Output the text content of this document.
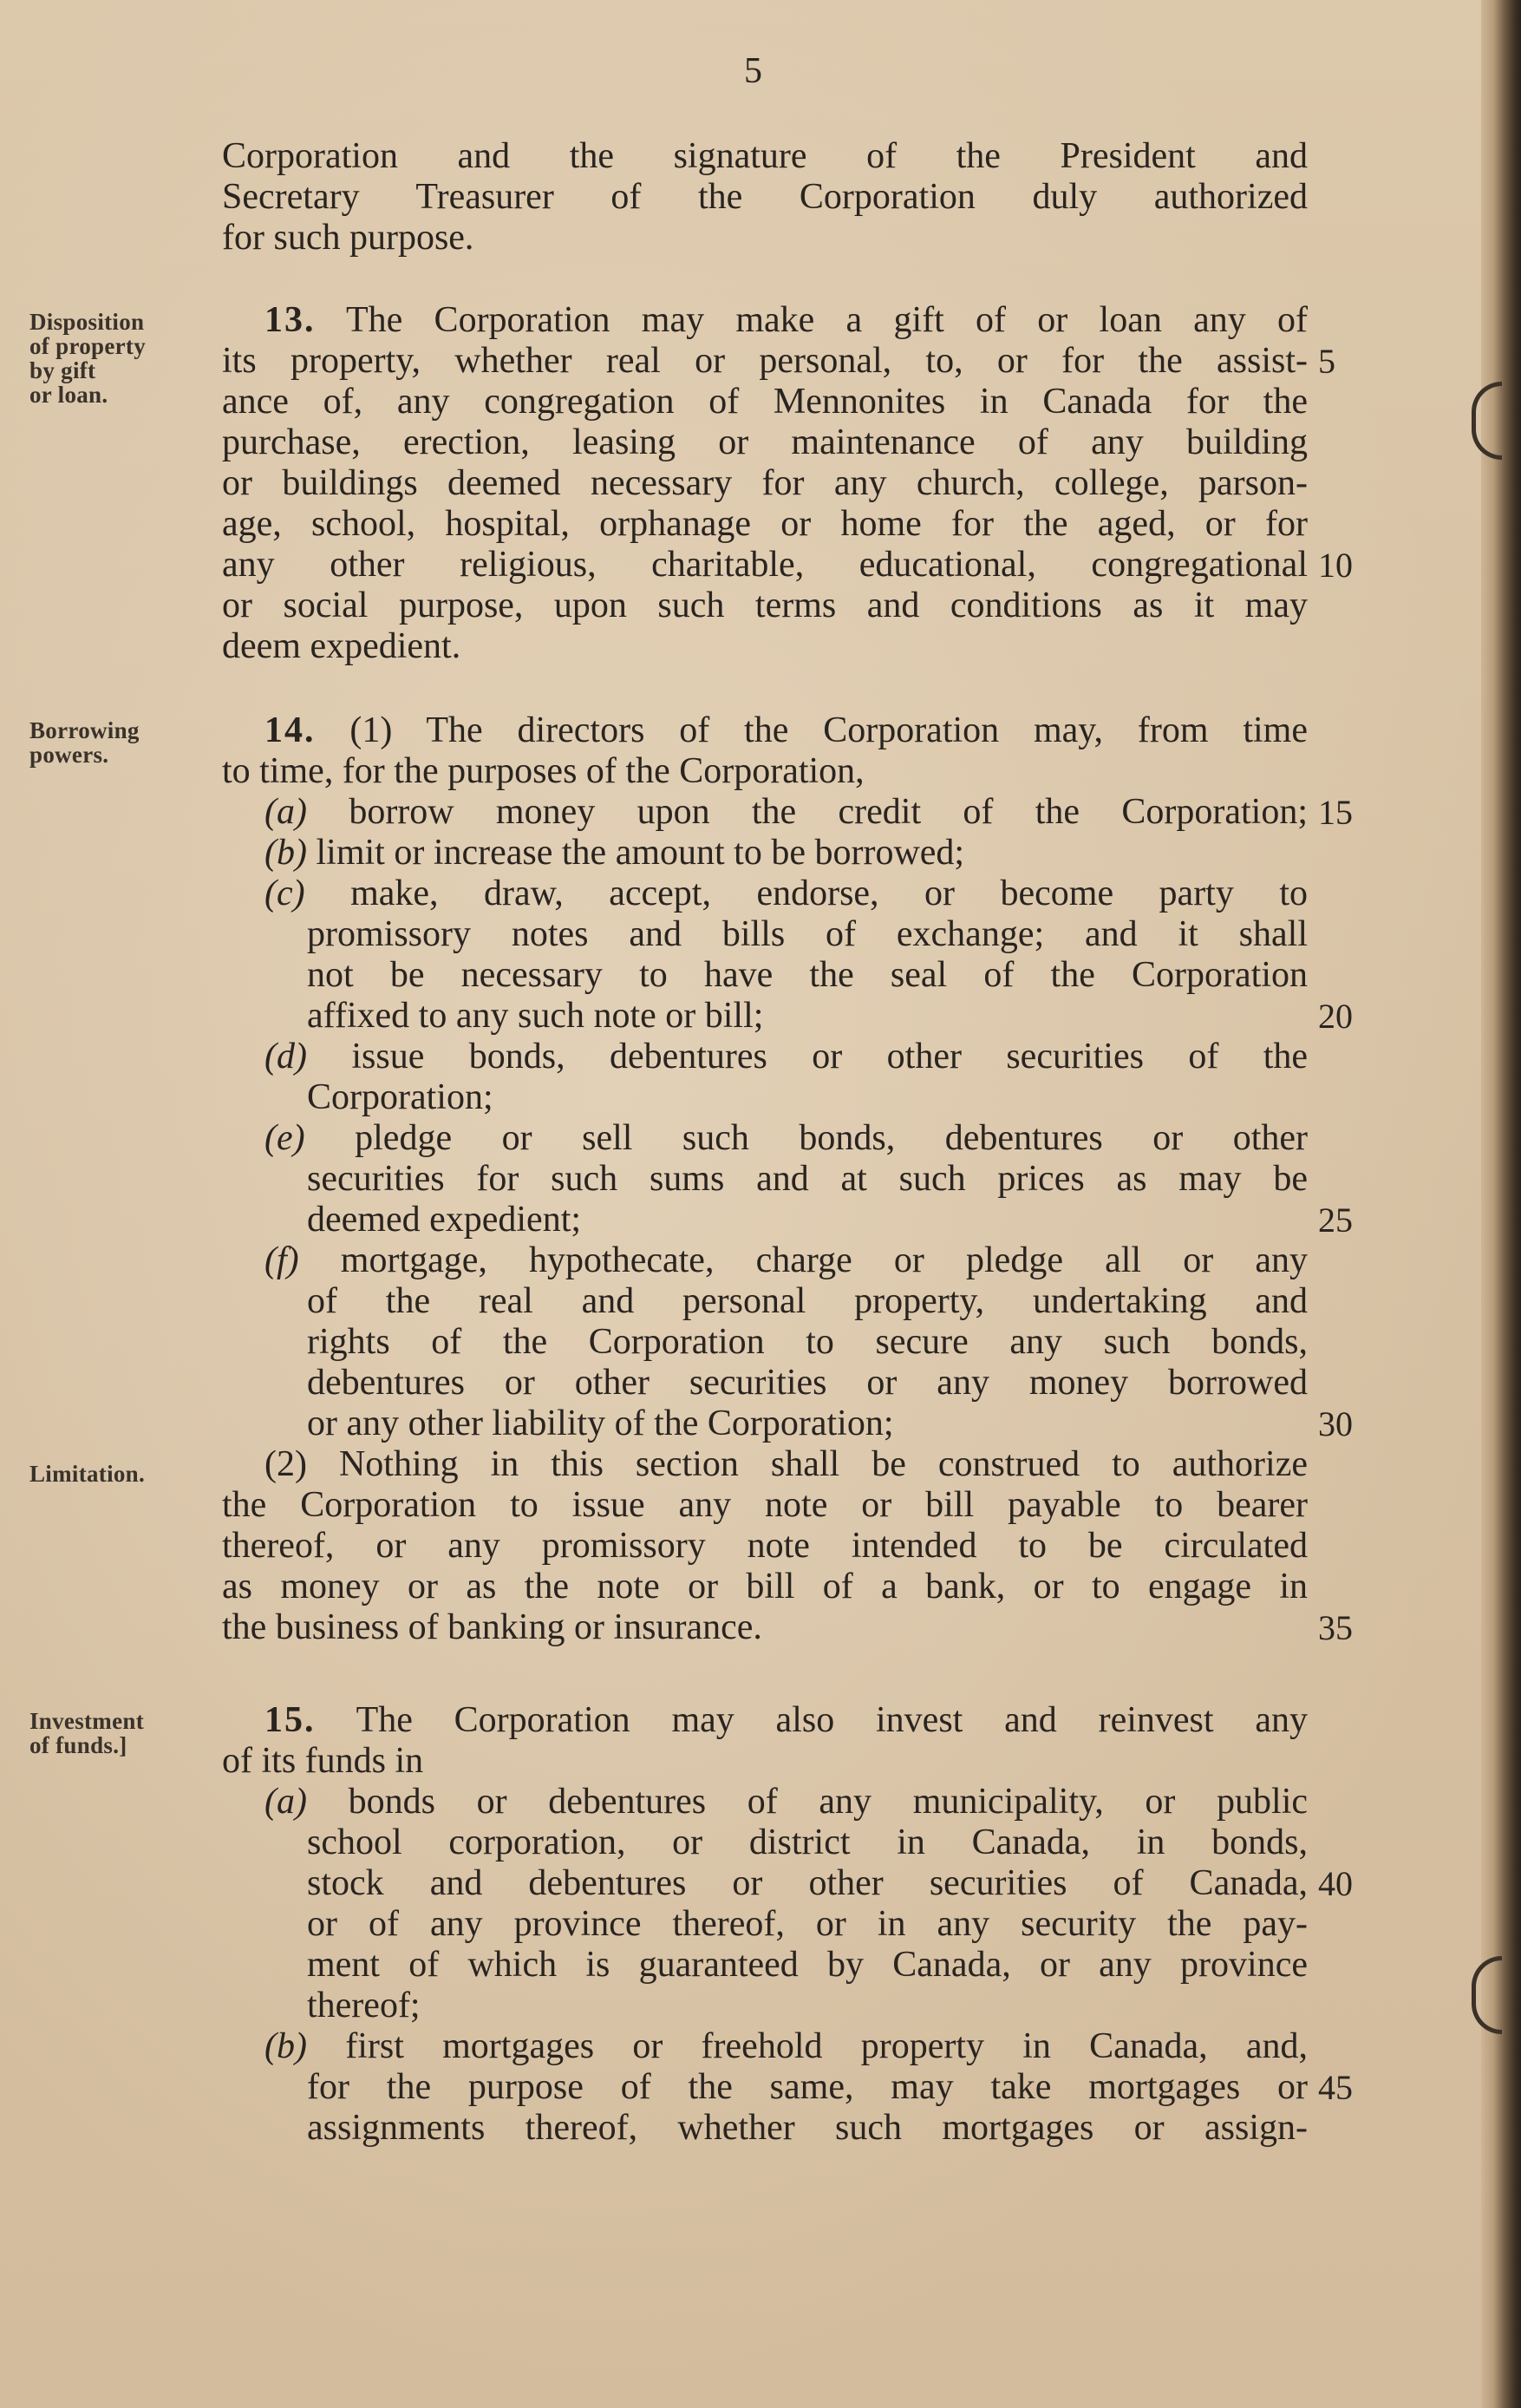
5
Corporation and the signature of the President and
Secretary Treasurer of the Corporation duly authorized
for such purpose.
Disposition
of property
by gift
or loan.
13. The Corporation may make a gift of or loan any of
its property, whether real or personal, to, or for the assist- 5
ance of, any congregation of Mennonites in Canada for the
purchase, erection, leasing or maintenance of any building
or buildings deemed necessary for any church, college, parson-
age, school, hospital, orphanage or home for the aged, or for
any other religious, charitable, educational, congregational 10
or social purpose, upon such terms and conditions as it may
deem expedient.
Borrowing
powers.
14. (1) The directors of the Corporation may, from time
to time, for the purposes of the Corporation,
(a) borrow money upon the credit of the Corporation; 15
(b) limit or increase the amount to be borrowed;
(c) make, draw, accept, endorse, or become party to
promissory notes and bills of exchange; and it shall
not be necessary to have the seal of the Corporation
affixed to any such note or bill;	20
(d) issue bonds, debentures or other securities of the
Corporation;
(e) pledge or sell such bonds, debentures or other
securities for such sums and at such prices as may be
deemed expedient;	25
(f) mortgage, hypothecate, charge or pledge all or any
of the real and personal property, undertaking and
rights of the Corporation to secure any such bonds,
debentures or other securities or any money borrowed
or any other liability of the Corporation;	30
Limitation.	(2) Nothing in this section shall be construed to authorize
the Corporation to issue any note or bill payable to bearer
thereof, or any promissory note intended to be circulated
as money or as the note or bill of a bank, or to engage in
the business of banking or insurance.	35
Investment
of funds.]
15. The Corporation may also invest and reinvest any
of its funds in
(a) bonds or debentures of any municipality, or public
school corporation, or district in Canada, in bonds,
stock and debentures or other securities of Canada, 40
or of any province thereof, or in any security the pay-
ment of which is guaranteed by Canada, or any province
thereof;
(b) first mortgages or freehold property in Canada, and,
for the purpose of the same, may take mortgages or 45
assignments thereof, whether such mortgages or assign-
